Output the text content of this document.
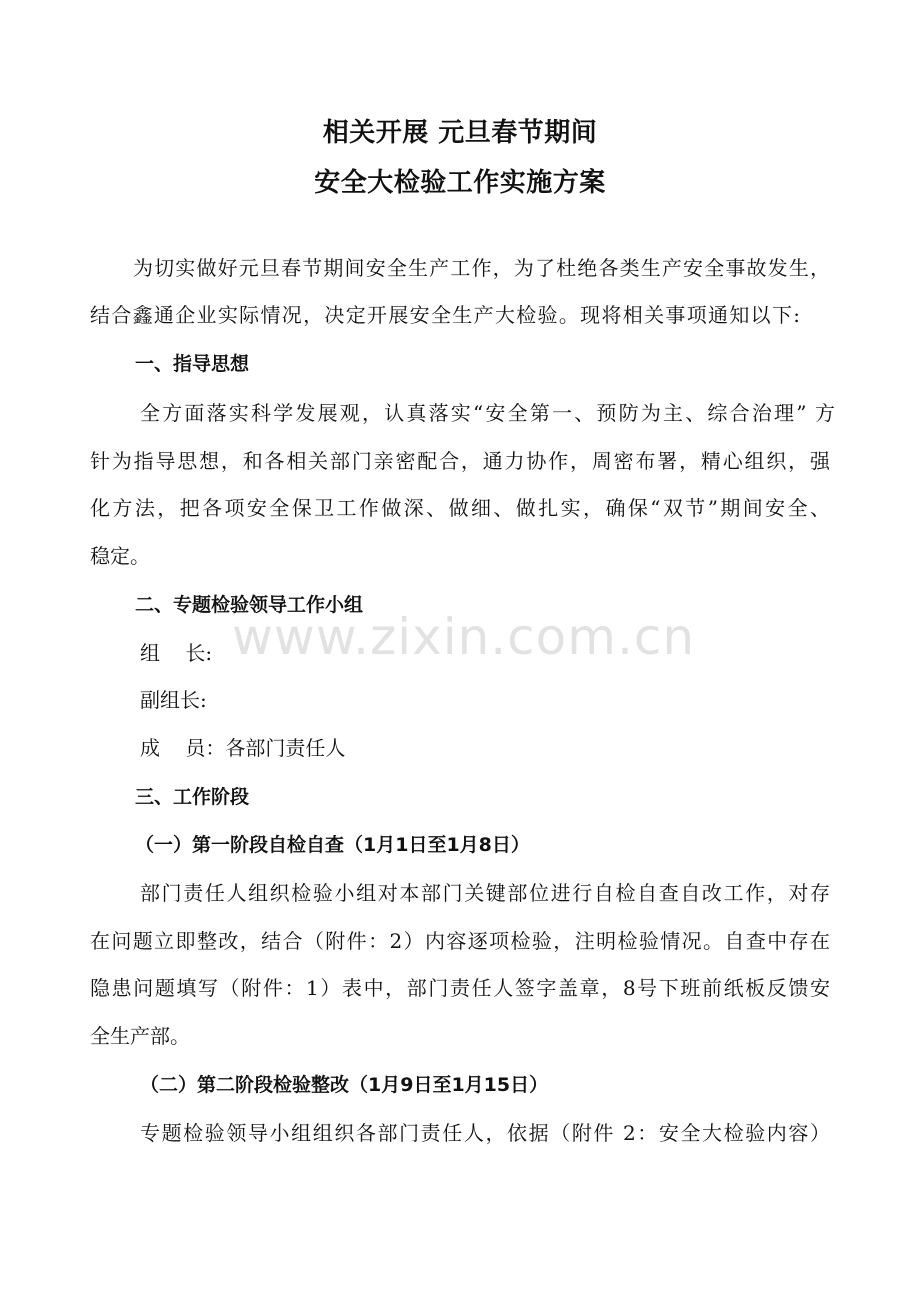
相关开展 元旦春节期间
安全大检验工作实施方案
为切实做好元旦春节期间安全生产工作，为了杜绝各类生产安全事故发生，
结合鑫通企业实际情况，决定开展安全生产大检验。现将相关事项通知以下:
一、指导思想
全方面落实科学发展观，认真落实“安全第一、预防为主、综合治理” 方
针为指导思想，和各相关部门亲密配合，通力协作，周密布署，精心组织，强
化方法，把各项安全保卫工作做深、做细、做扎实，确保“双节”期间安全、
稳定。
二、专题检验领导工作小组
组    长:
副组长:
成    员：各部门责任人
三、工作阶段
（一）第一阶段自检自查（1月1日至1月8日）
部门责任人组织检验小组对本部门关键部位进行自检自查自改工作，对存
在问题立即整改，结合（附件：2）内容逐项检验，注明检验情况。自查中存在
隐患问题填写（附件：1）表中，部门责任人签字盖章，8号下班前纸板反馈安
全生产部。
（二）第二阶段检验整改（1月9日至1月15日）
专题检验领导小组组织各部门责任人，依据（附件 2：安全大检验内容）
www.zixin.com.cn
